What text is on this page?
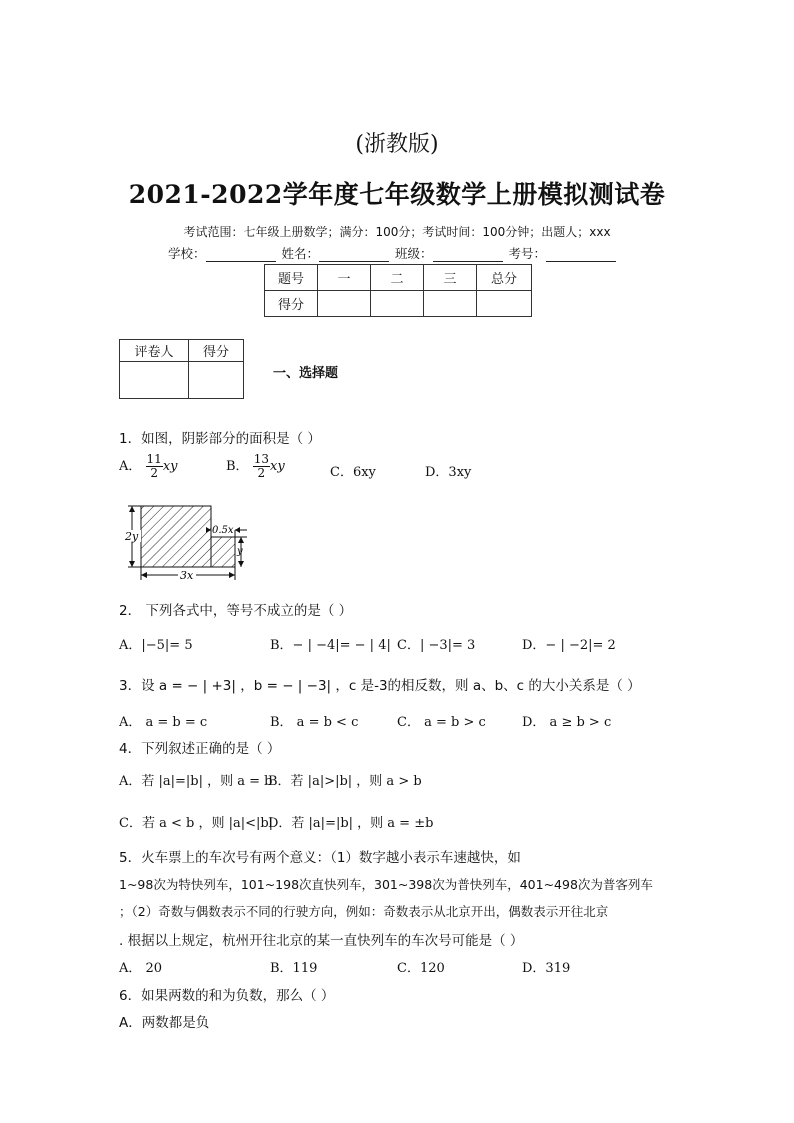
(浙教版)
2021-2022学年度七年级数学上册模拟测试卷
考试范围：七年级上册数学；满分：100分；考试时间：100分钟；出题人；xxx
学校：	姓名：	班级：	考号：
题号	一	二	三	总分
得分				
评卷人	得分

一、选择题
1．如图，阴影部分的面积是（ ）
A． $\frac{11}{2}$ xy	B． $\frac{13}{2}$ xy	C．6xy	D．3xy
2y	0.5x
y
3x
2． 下列各式中，等号不成立的是（ ）
A．|−5|= 5	B．− | −4|= − | 4| C．| −3|= 3	D．− | −2|= 2
3．设 a = − | +3| ，b = − | −3| ，c 是-3的相反数，则 a、b、c 的大小关系是（ ）
A． a = b = c	B． a = b < c	C． a = b > c	D． a ≥ b > c
4．下列叙述正确的是（ ）
A．若 |a|=|b| ，则 a = b
B．若 |a|>|b| ，则 a > b
C．若 a < b ，则 |a|<|b|
D．若 |a|=|b| ，则 a = ±b
5．火车票上的车次号有两个意义：（1）数字越小表示车速越快，如
1~98次为特快列车，101~198次直快列车，301~398次为普快列车，401~498次为普客列车
；（2）奇数与偶数表示不同的行驶方向，例如：奇数表示从北京开出，偶数表示开往北京
. 根据以上规定，杭州开往北京的某一直快列车的车次号可能是（ ）
A． 20	B．119	C．120	D．319
6．如果两数的和为负数，那么（ ）
A．两数都是负
